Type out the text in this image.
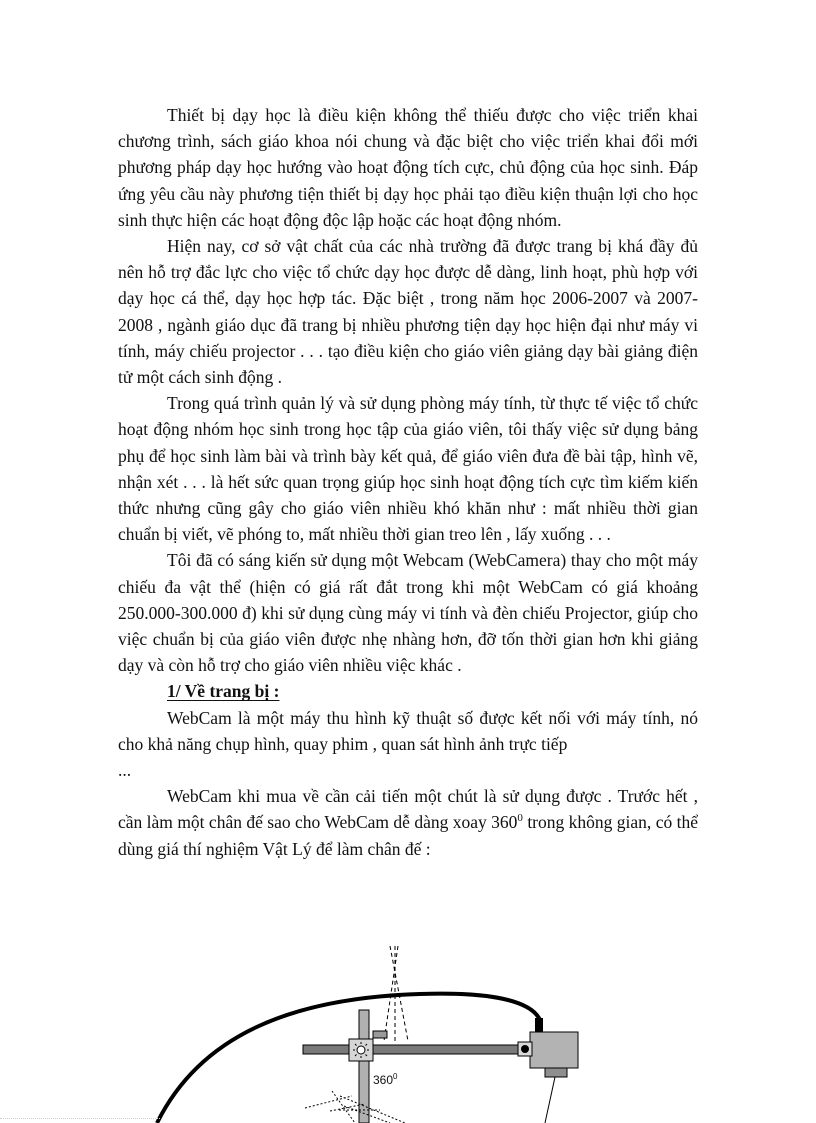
Thiết bị dạy học là điều kiện không thể thiếu được cho việc triển khai chương trình, sách giáo khoa nói chung và đặc biệt cho việc triển khai đổi mới phương pháp dạy học hướng vào hoạt động tích cực, chủ động của học sinh. Đáp ứng yêu cầu này phương tiện thiết bị dạy học phải tạo điều kiện thuận lợi cho học sinh thực hiện các hoạt động độc lập hoặc các hoạt động nhóm.

Hiện nay, cơ sở vật chất của các nhà trường đã được trang bị khá đầy đủ nên hỗ trợ đắc lực cho việc tổ chức dạy học được dễ dàng, linh hoạt, phù hợp với dạy học cá thể, dạy học hợp tác. Đặc biệt , trong năm học 2006-2007 và 2007-2008 , ngành giáo dục đã trang bị nhiều phương tiện dạy học hiện đại như máy vi tính, máy chiếu projector . . . tạo điều kiện cho giáo viên giảng dạy bài giảng điện tử một cách sinh động .

Trong quá trình quản lý và sử dụng phòng máy tính, từ thực tế việc tổ chức hoạt động nhóm học sinh trong học tập của giáo viên, tôi thấy việc sử dụng bảng phụ để học sinh làm bài và trình bày kết quả, để giáo viên đưa đề bài tập, hình vẽ, nhận xét . . . là hết sức quan trọng giúp học sinh hoạt động tích cực tìm kiếm kiến thức nhưng cũng gây cho giáo viên nhiều khó khăn như : mất nhiều thời gian chuẩn bị viết, vẽ phóng to, mất nhiều thời gian treo lên , lấy xuống . . .

Tôi đã có sáng kiến sử dụng một Webcam (WebCamera) thay cho một máy chiếu đa vật thể (hiện có giá rất đắt trong khi một WebCam có giá khoảng 250.000-300.000 đ) khi sử dụng cùng máy vi tính và đèn chiếu Projector, giúp cho việc chuẩn bị của giáo viên được nhẹ nhàng hơn, đỡ tốn thời gian hơn khi giảng dạy và còn hỗ trợ cho giáo viên nhiều việc khác .

1/ Về trang bị :

WebCam là một máy thu hình kỹ thuật số được kết nối với máy tính, nó cho khả năng chụp hình, quay phim , quan sát hình ảnh trực tiếp

...

WebCam khi mua về cần cải tiến một chút là sử dụng được . Trước hết , cần làm một chân đế sao cho WebCam dễ dàng xoay $360^0$ trong không gian, có thể dùng giá thí nghiệm Vật Lý để làm chân đế :

$360^0$
